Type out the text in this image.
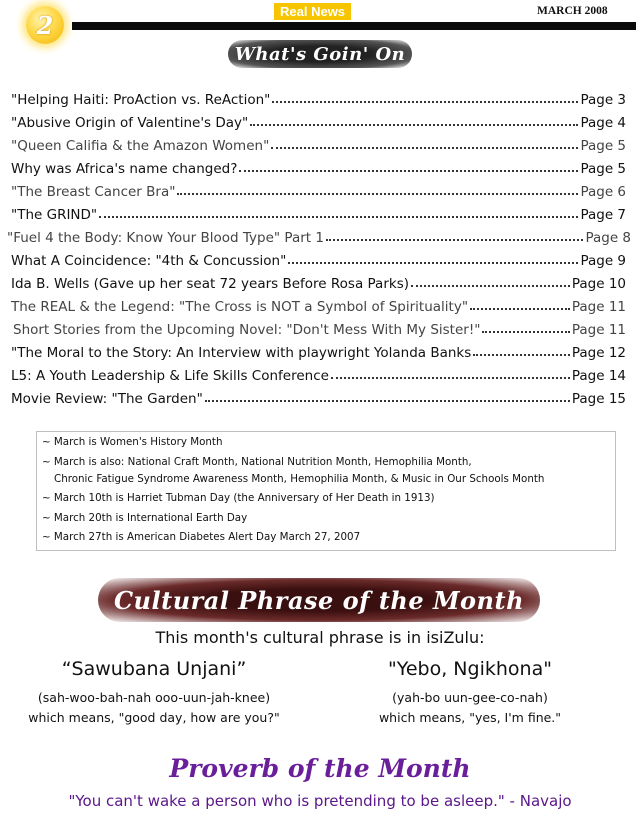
2	Real News	MARCH 2008
What's Goin' On
"Helping Haiti: ProAction vs. ReAction"	Page 3
"Abusive Origin of Valentine's Day"	Page 4
"Queen Califia & the Amazon Women"	Page 5
Why was Africa's name changed?	Page 5
"The Breast Cancer Bra"	Page 6
"The GRIND"	Page 7
"Fuel 4 the Body: Know Your Blood Type" Part 1	Page 8
What A Coincidence: "4th & Concussion"	Page 9
Ida B. Wells (Gave up her seat 72 years Before Rosa Parks)	Page 10
The REAL & the Legend: "The Cross is NOT a Symbol of Spirituality"	Page 11
Short Stories from the Upcoming Novel: "Don't Mess With My Sister!"	Page 11
"The Moral to the Story: An Interview with playwright Yolanda Banks	Page 12
L5: A Youth Leadership & Life Skills Conference	Page 14
Movie Review: "The Garden"	Page 15
~ March is Women's History Month
~ March is also: National Craft Month, National Nutrition Month, Hemophilia Month,
Chronic Fatigue Syndrome Awareness Month, Hemophilia Month, & Music in Our Schools Month
~ March 10th is Harriet Tubman Day (the Anniversary of Her Death in 1913)
~ March 20th is International Earth Day
~ March 27th is American Diabetes Alert Day March 27, 2007
Cultural Phrase of the Month
This month's cultural phrase is in isiZulu:
“Sawubana Unjani”
(sah-woo-bah-nah ooo-uun-jah-knee)
which means, "good day, how are you?"
"Yebo, Ngikhona"
(yah-bo uun-gee-co-nah)
which means, "yes, I'm fine."
Proverb of the Month
"You can't wake a person who is pretending to be asleep." - Navajo
